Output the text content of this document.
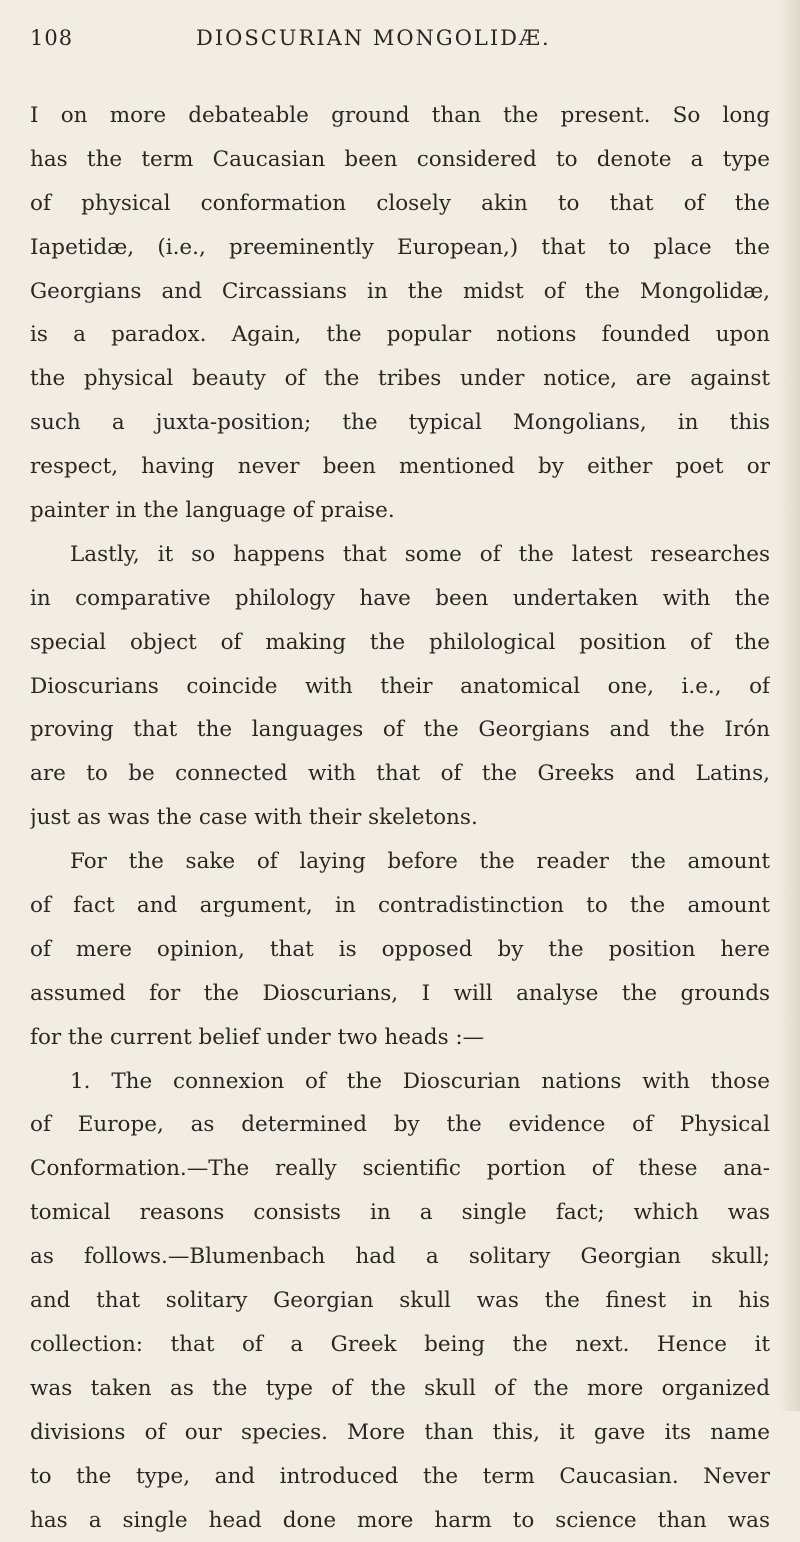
108	DIOSCURIAN MONGOLIDÆ.
I on more debateable ground than the present. So long
has the term Caucasian been considered to denote a type
of physical conformation closely akin to that of the
Iapetidæ, (i.e., preeminently European,) that to place the
Georgians and Circassians in the midst of the Mongolidæ,
is a paradox. Again, the popular notions founded upon
the physical beauty of the tribes under notice, are against
such a juxta-position; the typical Mongolians, in this
respect, having never been mentioned by either poet or
painter in the language of praise.
Lastly, it so happens that some of the latest researches
in comparative philology have been undertaken with the
special object of making the philological position of the
Dioscurians coincide with their anatomical one, i.e., of
proving that the languages of the Georgians and the Irón
are to be connected with that of the Greeks and Latins,
just as was the case with their skeletons.
For the sake of laying before the reader the amount
of fact and argument, in contradistinction to the amount
of mere opinion, that is opposed by the position here
assumed for the Dioscurians, I will analyse the grounds
for the current belief under two heads :—
1. The connexion of the Dioscurian nations with those
of Europe, as determined by the evidence of Physical
Conformation.—The really scientific portion of these ana-
tomical reasons consists in a single fact; which was
as follows.—Blumenbach had a solitary Georgian skull;
and that solitary Georgian skull was the finest in his
collection: that of a Greek being the next. Hence it
was taken as the type of the skull of the more organized
divisions of our species. More than this, it gave its name
to the type, and introduced the term Caucasian. Never
has a single head done more harm to science than was
